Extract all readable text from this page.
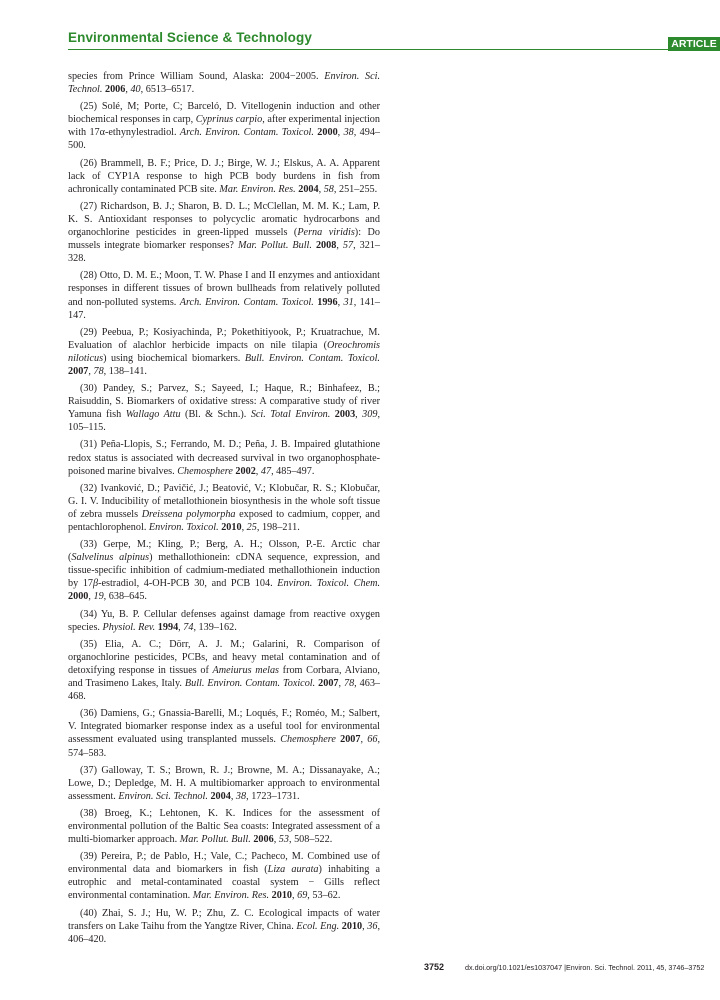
Environmental Science & Technology	ARTICLE

species from Prince William Sound, Alaska: 2004−2005. Environ. Sci. Technol. 2006, 40, 6513–6517.

(25) Solé, M; Porte, C; Barceló, D. Vitellogenin induction and other biochemical responses in carp, Cyprinus carpio, after experimental injection with 17α-ethynylestradiol. Arch. Environ. Contam. Toxicol. 2000, 38, 494–500.

(26) Brammell, B. F.; Price, D. J.; Birge, W. J.; Elskus, A. A. Apparent lack of CYP1A response to high PCB body burdens in fish from achronically contaminated PCB site. Mar. Environ. Res. 2004, 58, 251–255.

(27) Richardson, B. J.; Sharon, B. D. L.; McClellan, M. M. K.; Lam, P. K. S. Antioxidant responses to polycyclic aromatic hydrocarbons and organochlorine pesticides in green-lipped mussels (Perna viridis): Do mussels integrate biomarker responses? Mar. Pollut. Bull. 2008, 57, 321–328.

(28) Otto, D. M. E.; Moon, T. W. Phase I and II enzymes and antioxidant responses in different tissues of brown bullheads from relatively polluted and non-polluted systems. Arch. Environ. Contam. Toxicol. 1996, 31, 141–147.

(29) Peebua, P.; Kosiyachinda, P.; Pokethitiyook, P.; Kruatrachue, M. Evaluation of alachlor herbicide impacts on nile tilapia (Oreochromis niloticus) using biochemical biomarkers. Bull. Environ. Contam. Toxicol. 2007, 78, 138–141.

(30) Pandey, S.; Parvez, S.; Sayeed, I.; Haque, R.; Binhafeez, B.; Raisuddin, S. Biomarkers of oxidative stress: A comparative study of river Yamuna fish Wallago Attu (Bl. & Schn.). Sci. Total Environ. 2003, 309, 105–115.

(31) Peña-Llopis, S.; Ferrando, M. D.; Peña, J. B. Impaired glutathione redox status is associated with decreased survival in two organophosphate-poisoned marine bivalves. Chemosphere 2002, 47, 485–497.

(32) Ivanković, D.; Pavičić, J.; Beatović, V.; Klobučar, R. S.; Klobučar, G. I. V. Inducibility of metallothionein biosynthesis in the whole soft tissue of zebra mussels Dreissena polymorpha exposed to cadmium, copper, and pentachlorophenol. Environ. Toxicol. 2010, 25, 198–211.

(33) Gerpe, M.; Kling, P.; Berg, A. H.; Olsson, P.-E. Arctic char (Salvelinus alpinus) methallothionein: cDNA sequence, expression, and tissue-specific inhibition of cadmium-mediated methallothionein induction by 17β-estradiol, 4-OH-PCB 30, and PCB 104. Environ. Toxicol. Chem. 2000, 19, 638–645.

(34) Yu, B. P. Cellular defenses against damage from reactive oxygen species. Physiol. Rev. 1994, 74, 139–162.

(35) Elia, A. C.; Dörr, A. J. M.; Galarini, R. Comparison of organochlorine pesticides, PCBs, and heavy metal contamination and of detoxifying response in tissues of Ameiurus melas from Corbara, Alviano, and Trasimeno Lakes, Italy. Bull. Environ. Contam. Toxicol. 2007, 78, 463–468.

(36) Damiens, G.; Gnassia-Barelli, M.; Loqués, F.; Roméo, M.; Salbert, V. Integrated biomarker response index as a useful tool for environmental assessment evaluated using transplanted mussels. Chemosphere 2007, 66, 574–583.

(37) Galloway, T. S.; Brown, R. J.; Browne, M. A.; Dissanayake, A.; Lowe, D.; Depledge, M. H. A multibiomarker approach to environmental assessment. Environ. Sci. Technol. 2004, 38, 1723–1731.

(38) Broeg, K.; Lehtonen, K. K. Indices for the assessment of environmental pollution of the Baltic Sea coasts: Integrated assessment of a multi-biomarker approach. Mar. Pollut. Bull. 2006, 53, 508–522.

(39) Pereira, P.; de Pablo, H.; Vale, C.; Pacheco, M. Combined use of environmental data and biomarkers in fish (Liza aurata) inhabiting a eutrophic and metal-contaminated coastal system − Gills reflect environmental contamination. Mar. Environ. Res. 2010, 69, 53–62.

(40) Zhai, S. J.; Hu, W. P.; Zhu, Z. C. Ecological impacts of water transfers on Lake Taihu from the Yangtze River, China. Ecol. Eng. 2010, 36, 406–420.

3752	dx.doi.org/10.1021/es1037047 |Environ. Sci. Technol. 2011, 45, 3746–3752
